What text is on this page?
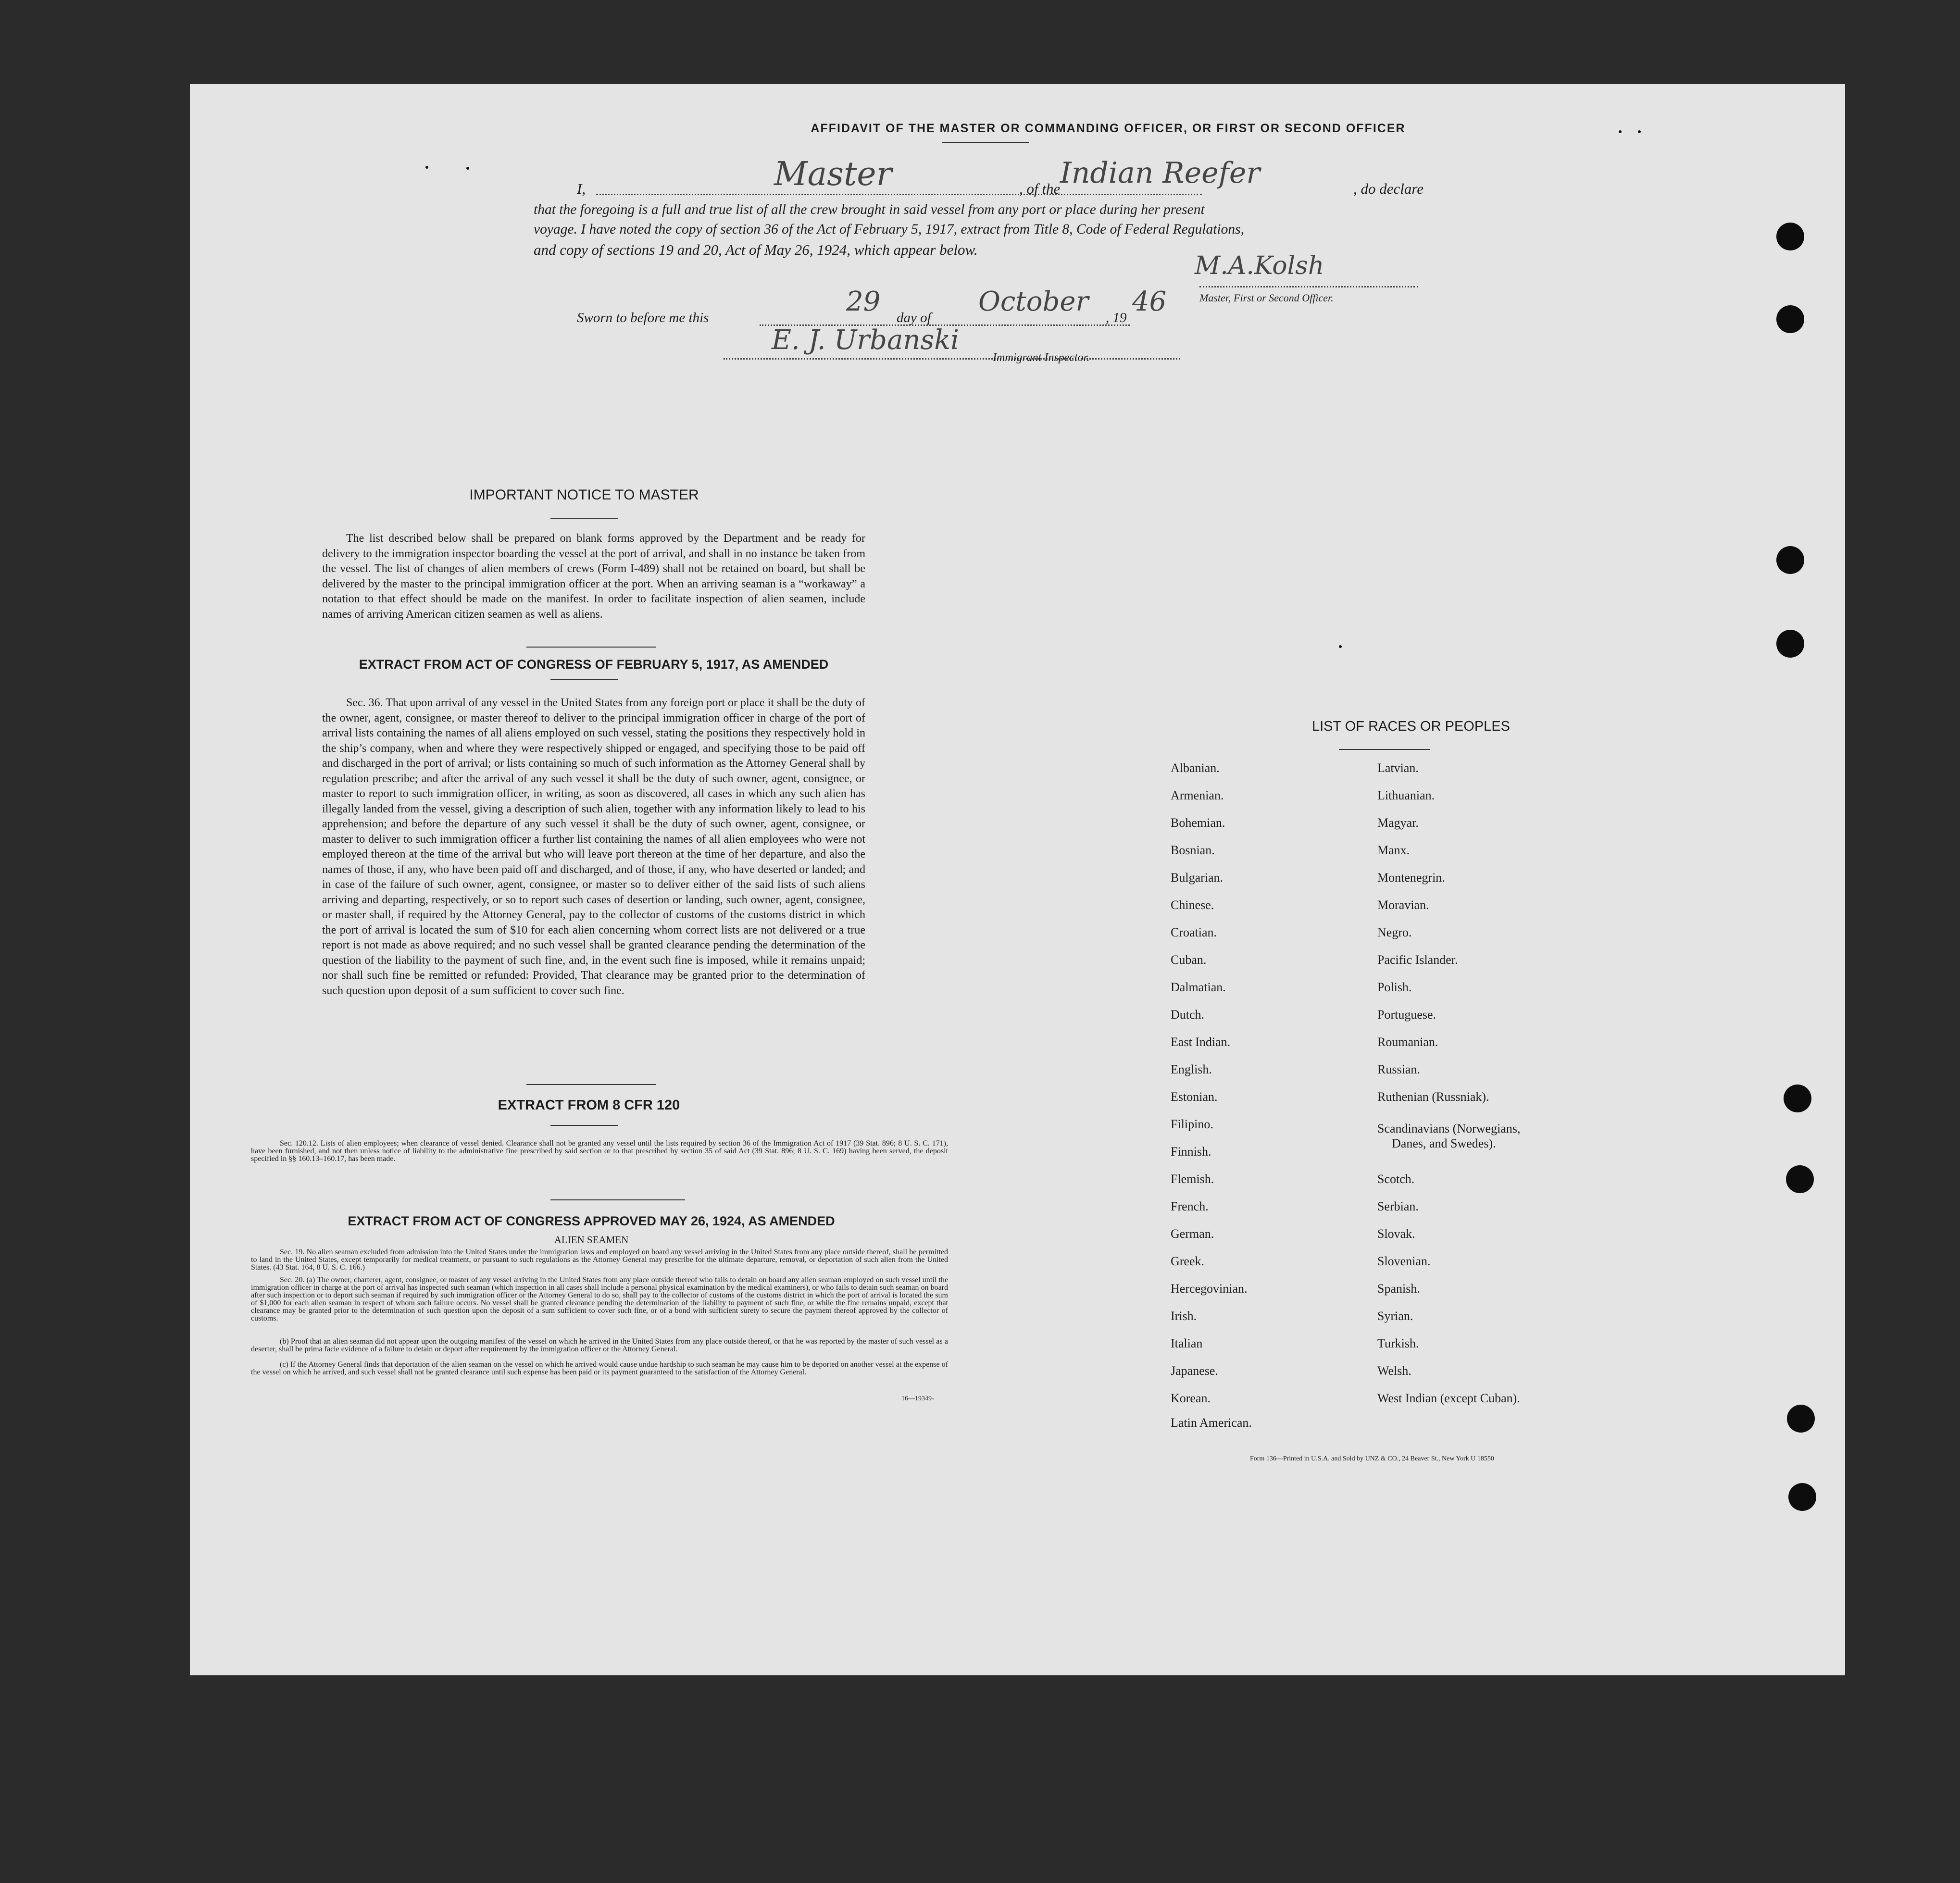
AFFIDAVIT OF THE MASTER OR COMMANDING OFFICER, OR FIRST OR SECOND OFFICER
I,	Master	, of the Indian Reefer	, do declare
that the foregoing is a full and true list of all the crew brought in said vessel from any port or place during her present
voyage. I have noted the copy of section 36 of the Act of February 5, 1917, extract from Title 8, Code of Federal Regulations,
and copy of sections 19 and 20, Act of May 26, 1924, which appear below.
M.A.Kolsh
Master, First or Second Officer.
Sworn to before me this
29
day of
October
, 19
46
E. J. Urbanski
Immigrant Inspector.
IMPORTANT NOTICE TO MASTER
The list described below shall be prepared on blank forms approved by the Department and be ready for delivery to the immigration inspector boarding the vessel at the port of arrival, and shall in no instance be taken from the vessel. The list of changes of alien members of crews (Form I-489) shall not be retained on board, but shall be delivered by the master to the principal immigration officer at the port. When an arriving seaman is a “workaway” a notation to that effect should be made on the manifest. In order to facilitate inspection of alien seamen, include names of arriving American citizen seamen as well as aliens.
EXTRACT FROM ACT OF CONGRESS OF FEBRUARY 5, 1917, AS AMENDED
Sec. 36. That upon arrival of any vessel in the United States from any foreign port or place it shall be the duty of the owner, agent, consignee, or master thereof to deliver to the principal immigration officer in charge of the port of arrival lists containing the names of all aliens employed on such vessel, stating the positions they respectively hold in the ship’s company, when and where they were respectively shipped or engaged, and specifying those to be paid off and discharged in the port of arrival; or lists containing so much of such information as the Attorney General shall by regulation prescribe; and after the arrival of any such vessel it shall be the duty of such owner, agent, consignee, or master to report to such immigration officer, in writing, as soon as discovered, all cases in which any such alien has illegally landed from the vessel, giving a description of such alien, together with any information likely to lead to his apprehension; and before the departure of any such vessel it shall be the duty of such owner, agent, consignee, or master to deliver to such immigration officer a further list containing the names of all alien employees who were not employed thereon at the time of the arrival but who will leave port thereon at the time of her departure, and also the names of those, if any, who have been paid off and discharged, and of those, if any, who have deserted or landed; and in case of the failure of such owner, agent, consignee, or master so to deliver either of the said lists of such aliens arriving and departing, respectively, or so to report such cases of desertion or landing, such owner, agent, consignee, or master shall, if required by the Attorney General, pay to the collector of customs of the customs district in which the port of arrival is located the sum of $10 for each alien concerning whom correct lists are not delivered or a true report is not made as above required; and no such vessel shall be granted clearance pending the determination of the question of the liability to the payment of such fine, and, in the event such fine is imposed, while it remains unpaid; nor shall such fine be remitted or refunded: Provided, That clearance may be granted prior to the determination of such question upon deposit of a sum sufficient to cover such fine.
EXTRACT FROM 8 CFR 120
Sec. 120.12. Lists of alien employees; when clearance of vessel denied. Clearance shall not be granted any vessel until the lists required by section 36 of the Immigration Act of 1917 (39 Stat. 896; 8 U. S. C. 171), have been furnished, and not then unless notice of liability to the administrative fine prescribed by said section or to that prescribed by section 35 of said Act (39 Stat. 896; 8 U. S. C. 169) having been served, the deposit specified in §§ 160.13–160.17, has been made.
EXTRACT FROM ACT OF CONGRESS APPROVED MAY 26, 1924, AS AMENDED
ALIEN SEAMEN
Sec. 19. No alien seaman excluded from admission into the United States under the immigration laws and employed on board any vessel arriving in the United States from any place outside thereof, shall be permitted to land in the United States, except temporarily for medical treatment, or pursuant to such regulations as the Attorney General may prescribe for the ultimate departure, removal, or deportation of such alien from the United States. (43 Stat. 164, 8 U. S. C. 166.)
Sec. 20. (a) The owner, charterer, agent, consignee, or master of any vessel arriving in the United States from any place outside thereof who fails to detain on board any alien seaman employed on such vessel until the immigration officer in charge at the port of arrival has inspected such seaman (which inspection in all cases shall include a personal physical examination by the medical examiners), or who fails to detain such seaman on board after such inspection or to deport such seaman if required by such immigration officer or the Attorney General to do so, shall pay to the collector of customs of the customs district in which the port of arrival is located the sum of $1,000 for each alien seaman in respect of whom such failure occurs. No vessel shall be granted clearance pending the determination of the liability to payment of such fine, or while the fine remains unpaid, except that clearance may be granted prior to the determination of such question upon the deposit of a sum sufficient to cover such fine, or of a bond with sufficient surety to secure the payment thereof approved by the collector of customs.
(b) Proof that an alien seaman did not appear upon the outgoing manifest of the vessel on which he arrived in the United States from any place outside thereof, or that he was reported by the master of such vessel as a deserter, shall be prima facie evidence of a failure to detain or deport after requirement by the immigration officer or the Attorney General.
(c) If the Attorney General finds that deportation of the alien seaman on the vessel on which he arrived would cause undue hardship to such seaman he may cause him to be deported on another vessel at the expense of the vessel on which he arrived, and such vessel shall not be granted clearance until such expense has been paid or its payment guaranteed to the satisfaction of the Attorney General.
16—19349-
LIST OF RACES OR PEOPLES
Albanian.
Armenian.
Bohemian.
Bosnian.
Bulgarian.
Chinese.
Croatian.
Cuban.
Dalmatian.
Dutch.
East Indian.
English.
Estonian.
Filipino.
Finnish.
Flemish.
French.
German.
Greek.
Hercegovinian.
Irish.
Italian
Japanese.
Korean.
Latin American.
Latvian.
Lithuanian.
Magyar.
Manx.
Montenegrin.
Moravian.
Negro.
Pacific Islander.
Polish.
Portuguese.
Roumanian.
Russian.
Ruthenian (Russniak).
Scandinavians (Norwegians,
Danes, and Swedes).
Scotch.
Serbian.
Slovak.
Slovenian.
Spanish.
Syrian.
Turkish.
Welsh.
West Indian (except Cuban).
Form 136—Printed in U.S.A. and Sold by UNZ & CO., 24 Beaver St., New York U 18550
